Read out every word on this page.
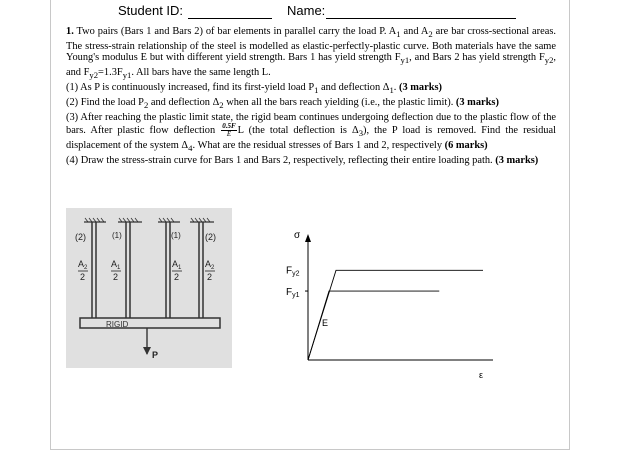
Student ID:	Name:

1. Two pairs (Bars 1 and Bars 2) of bar elements in parallel carry the load P. $A_1$ and $A_2$ are bar cross-sectional areas. The stress-strain relationship of the steel is modelled as elastic-perfectly-plastic curve. Both materials have the same Young's modulus E but with different yield strength. Bars 1 has yield strength $F_{y1}$, and Bars 2 has yield strength $F_{y2}$, and $F_{y2}=1.3F_{y1}$. All bars have the same length L.

(1) As P is continuously increased, find its first-yield load $P_1$ and deflection $\Delta_1$. (3 marks)

(2) Find the load $P_2$ and deflection $\Delta_2$ when all the bars reach yielding (i.e., the plastic limit). (3 marks)

(3) After reaching the plastic limit state, the rigid beam continues undergoing deflection due to the plastic flow of the bars. After plastic flow deflection $\frac{0.5F}{E}$ L (the total deflection is $\Delta_3$), the P load is removed. Find the residual displacement of the system $\Delta_4$. What are the residual stresses of Bars 1 and 2, respectively (6 marks)

(4) Draw the stress-strain curve for Bars 1 and Bars 2, respectively, reflecting their entire loading path. (3 marks)

(2)	(1)	(1)	(2)
$A_2$
2
$A_1$
2
$A_1$
2
$A_2$
2
RIGID
P
σ
ε
$F_{y2}$
$F_{y1}$
E
